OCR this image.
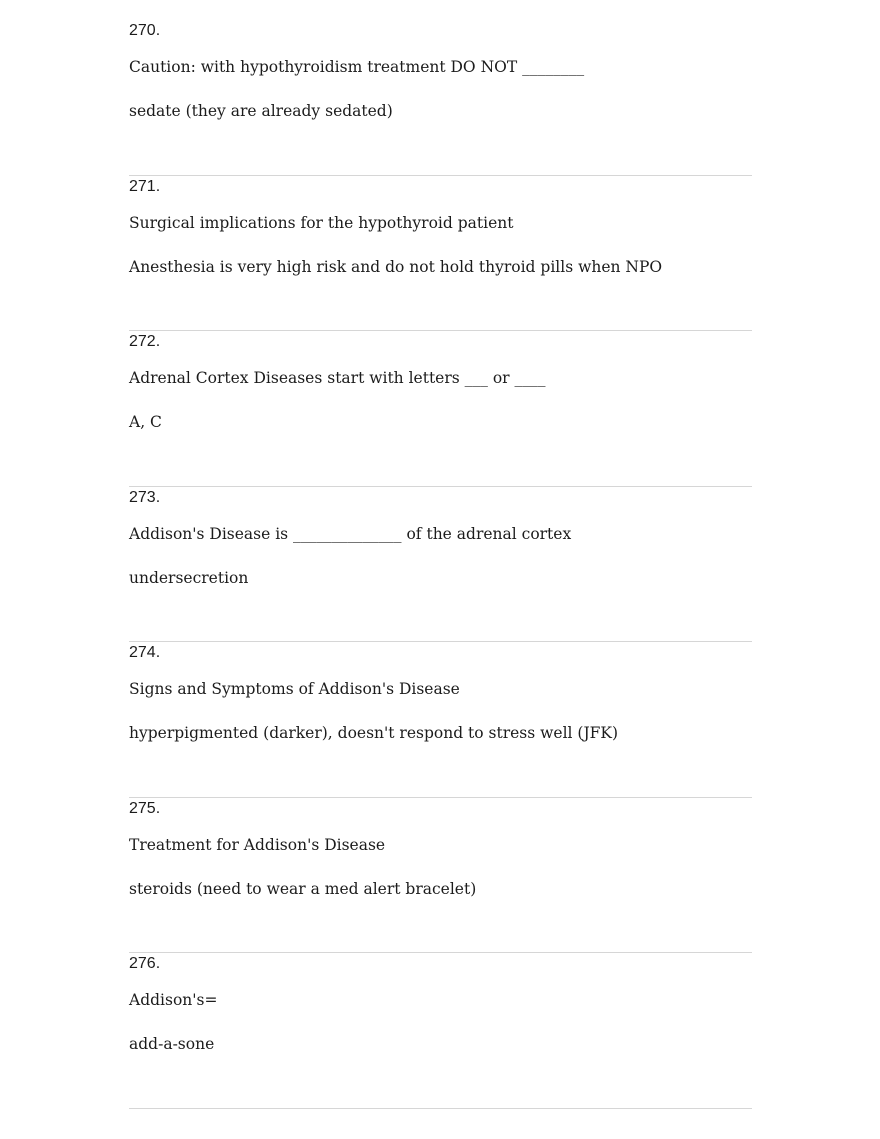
270.
Caution: with hypothyroidism treatment DO NOT ________
sedate (they are already sedated)
271.
Surgical implications for the hypothyroid patient
Anesthesia is very high risk and do not hold thyroid pills when NPO
272.
Adrenal Cortex Diseases start with letters ___ or ____
A, C
273.
Addison's Disease is ______________ of the adrenal cortex
undersecretion
274.
Signs and Symptoms of Addison's Disease
hyperpigmented (darker), doesn't respond to stress well (JFK)
275.
Treatment for Addison's Disease
steroids (need to wear a med alert bracelet)
276.
Addison's=
add-a-sone
